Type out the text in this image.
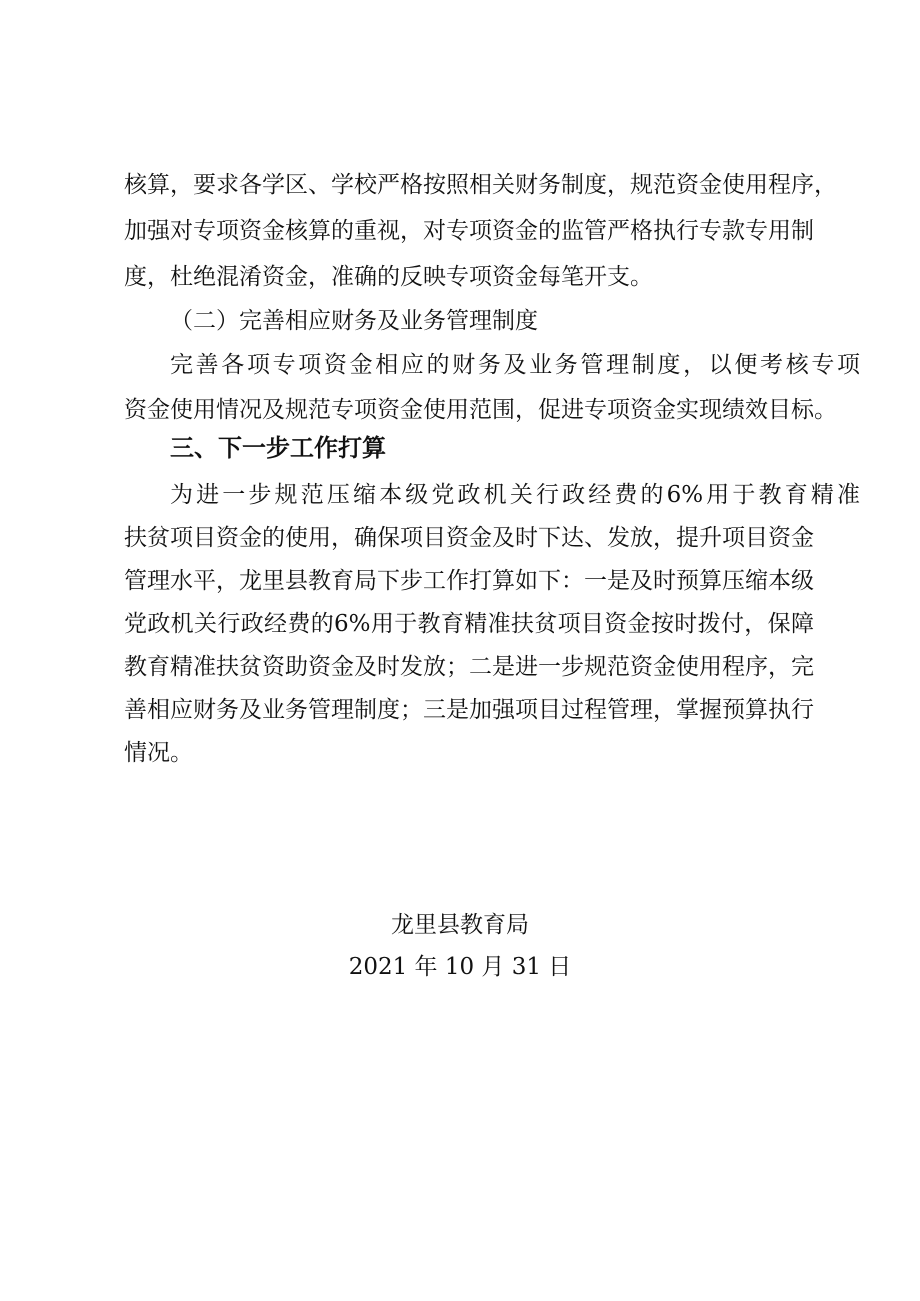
核算，要求各学区、学校严格按照相关财务制度，规范资金使用程序，
加强对专项资金核算的重视，对专项资金的监管严格执行专款专用制
度，杜绝混淆资金，准确的反映专项资金每笔开支。
（二）完善相应财务及业务管理制度
完善各项专项资金相应的财务及业务管理制度，以便考核专项
资金使用情况及规范专项资金使用范围，促进专项资金实现绩效目标。
三、下一步工作打算
为进一步规范压缩本级党政机关行政经费的6%用于教育精准
扶贫项目资金的使用，确保项目资金及时下达、发放，提升项目资金
管理水平，龙里县教育局下步工作打算如下：一是及时预算压缩本级
党政机关行政经费的6%用于教育精准扶贫项目资金按时拨付，保障
教育精准扶贫资助资金及时发放；二是进一步规范资金使用程序，完
善相应财务及业务管理制度；三是加强项目过程管理，掌握预算执行
情况。
龙里县教育局
2021 年 10 月 31 日
